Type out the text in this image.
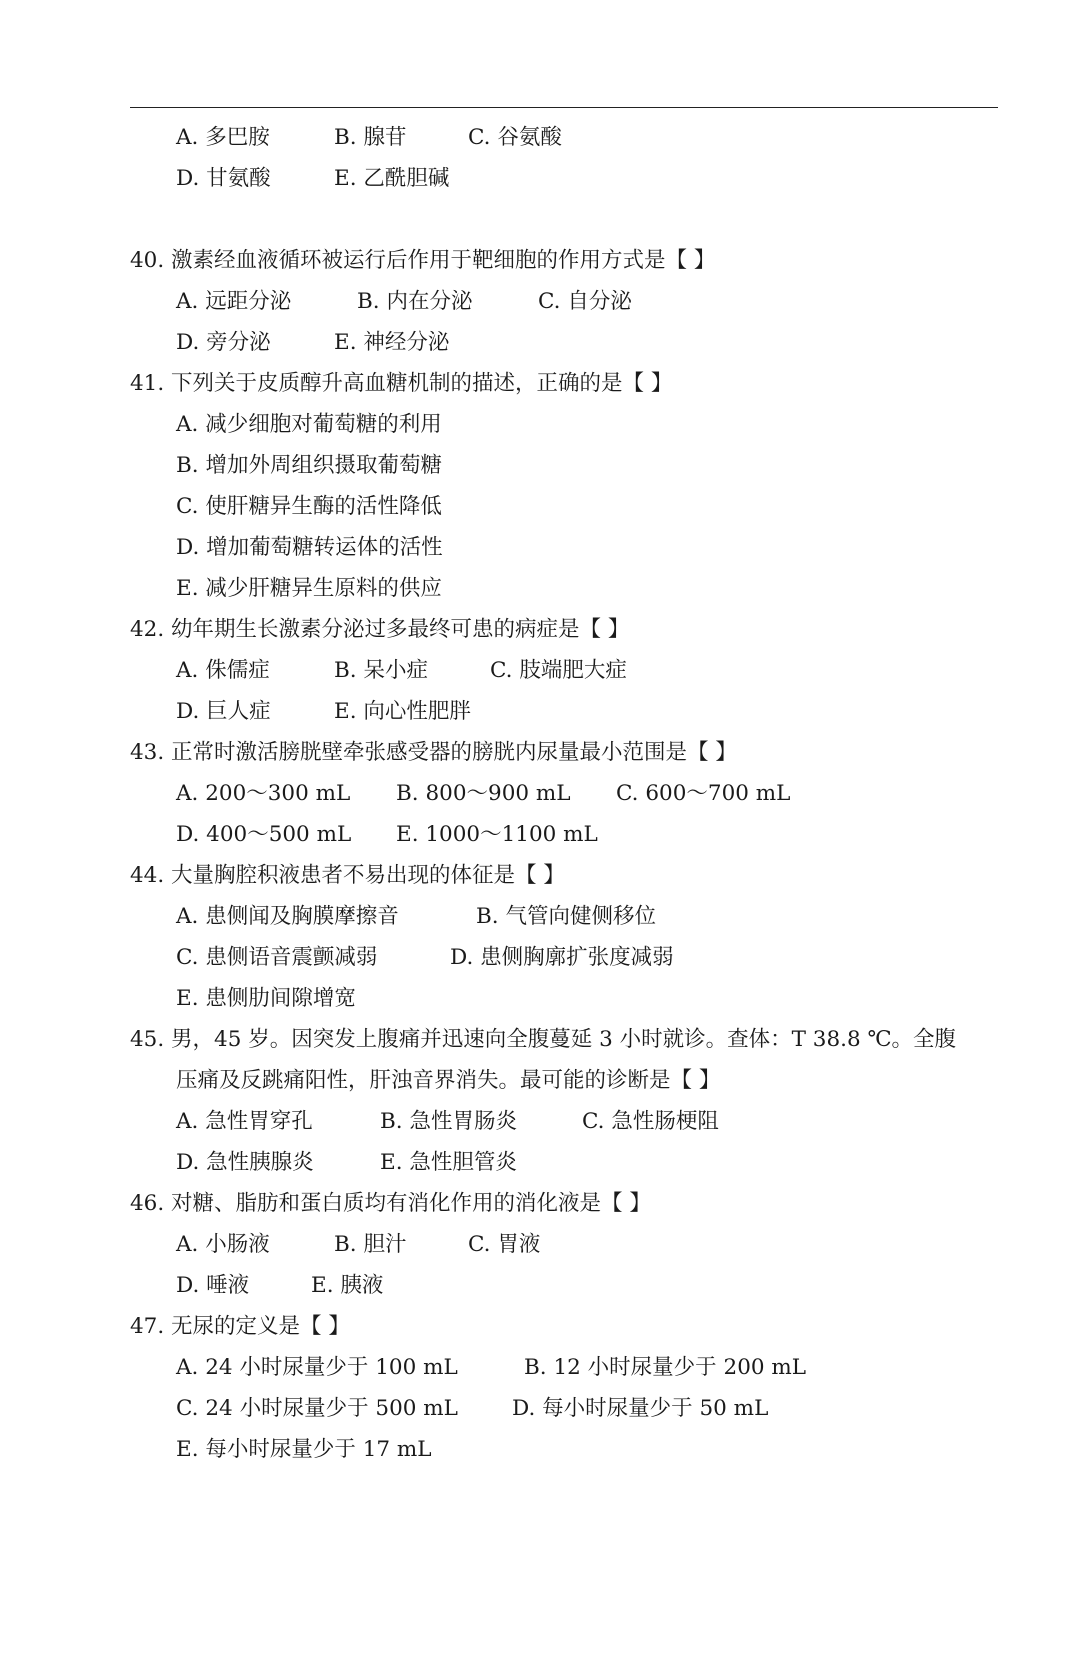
A. 多巴胺	B. 腺苷	C. 谷氨酸
D. 甘氨酸	E. 乙酰胆碱
40. 激素经血液循环被运行后作用于靶细胞的作用方式是【 】
A. 远距分泌	B. 内在分泌	C. 自分泌
D. 旁分泌	E. 神经分泌
41. 下列关于皮质醇升高血糖机制的描述，正确的是【 】
A. 减少细胞对葡萄糖的利用
B. 增加外周组织摄取葡萄糖
C. 使肝糖异生酶的活性降低
D. 增加葡萄糖转运体的活性
E. 减少肝糖异生原料的供应
42. 幼年期生长激素分泌过多最终可患的病症是【 】
A. 侏儒症	B. 呆小症	C. 肢端肥大症
D. 巨人症	E. 向心性肥胖
43. 正常时激活膀胱壁牵张感受器的膀胱内尿量最小范围是【 】
A. 200～300 mL B. 800～900 mL C. 600～700 mL
D. 400～500 mL E. 1000～1100 mL
44. 大量胸腔积液患者不易出现的体征是【 】
A. 患侧闻及胸膜摩擦音	B. 气管向健侧移位
C. 患侧语音震颤减弱	D. 患侧胸廓扩张度减弱
E. 患侧肋间隙增宽
45. 男，45 岁。因突发上腹痛并迅速向全腹蔓延 3 小时就诊。查体：T 38.8 ℃。全腹
压痛及反跳痛阳性，肝浊音界消失。最可能的诊断是【 】
A. 急性胃穿孔	B. 急性胃肠炎	C. 急性肠梗阻
D. 急性胰腺炎	E. 急性胆管炎
46. 对糖、脂肪和蛋白质均有消化作用的消化液是【 】
A. 小肠液	B. 胆汁	C. 胃液
D. 唾液	E. 胰液
47. 无尿的定义是【 】
A. 24 小时尿量少于 100 mL	B. 12 小时尿量少于 200 mL
C. 24 小时尿量少于 500 mL	D. 每小时尿量少于 50 mL
E. 每小时尿量少于 17 mL
